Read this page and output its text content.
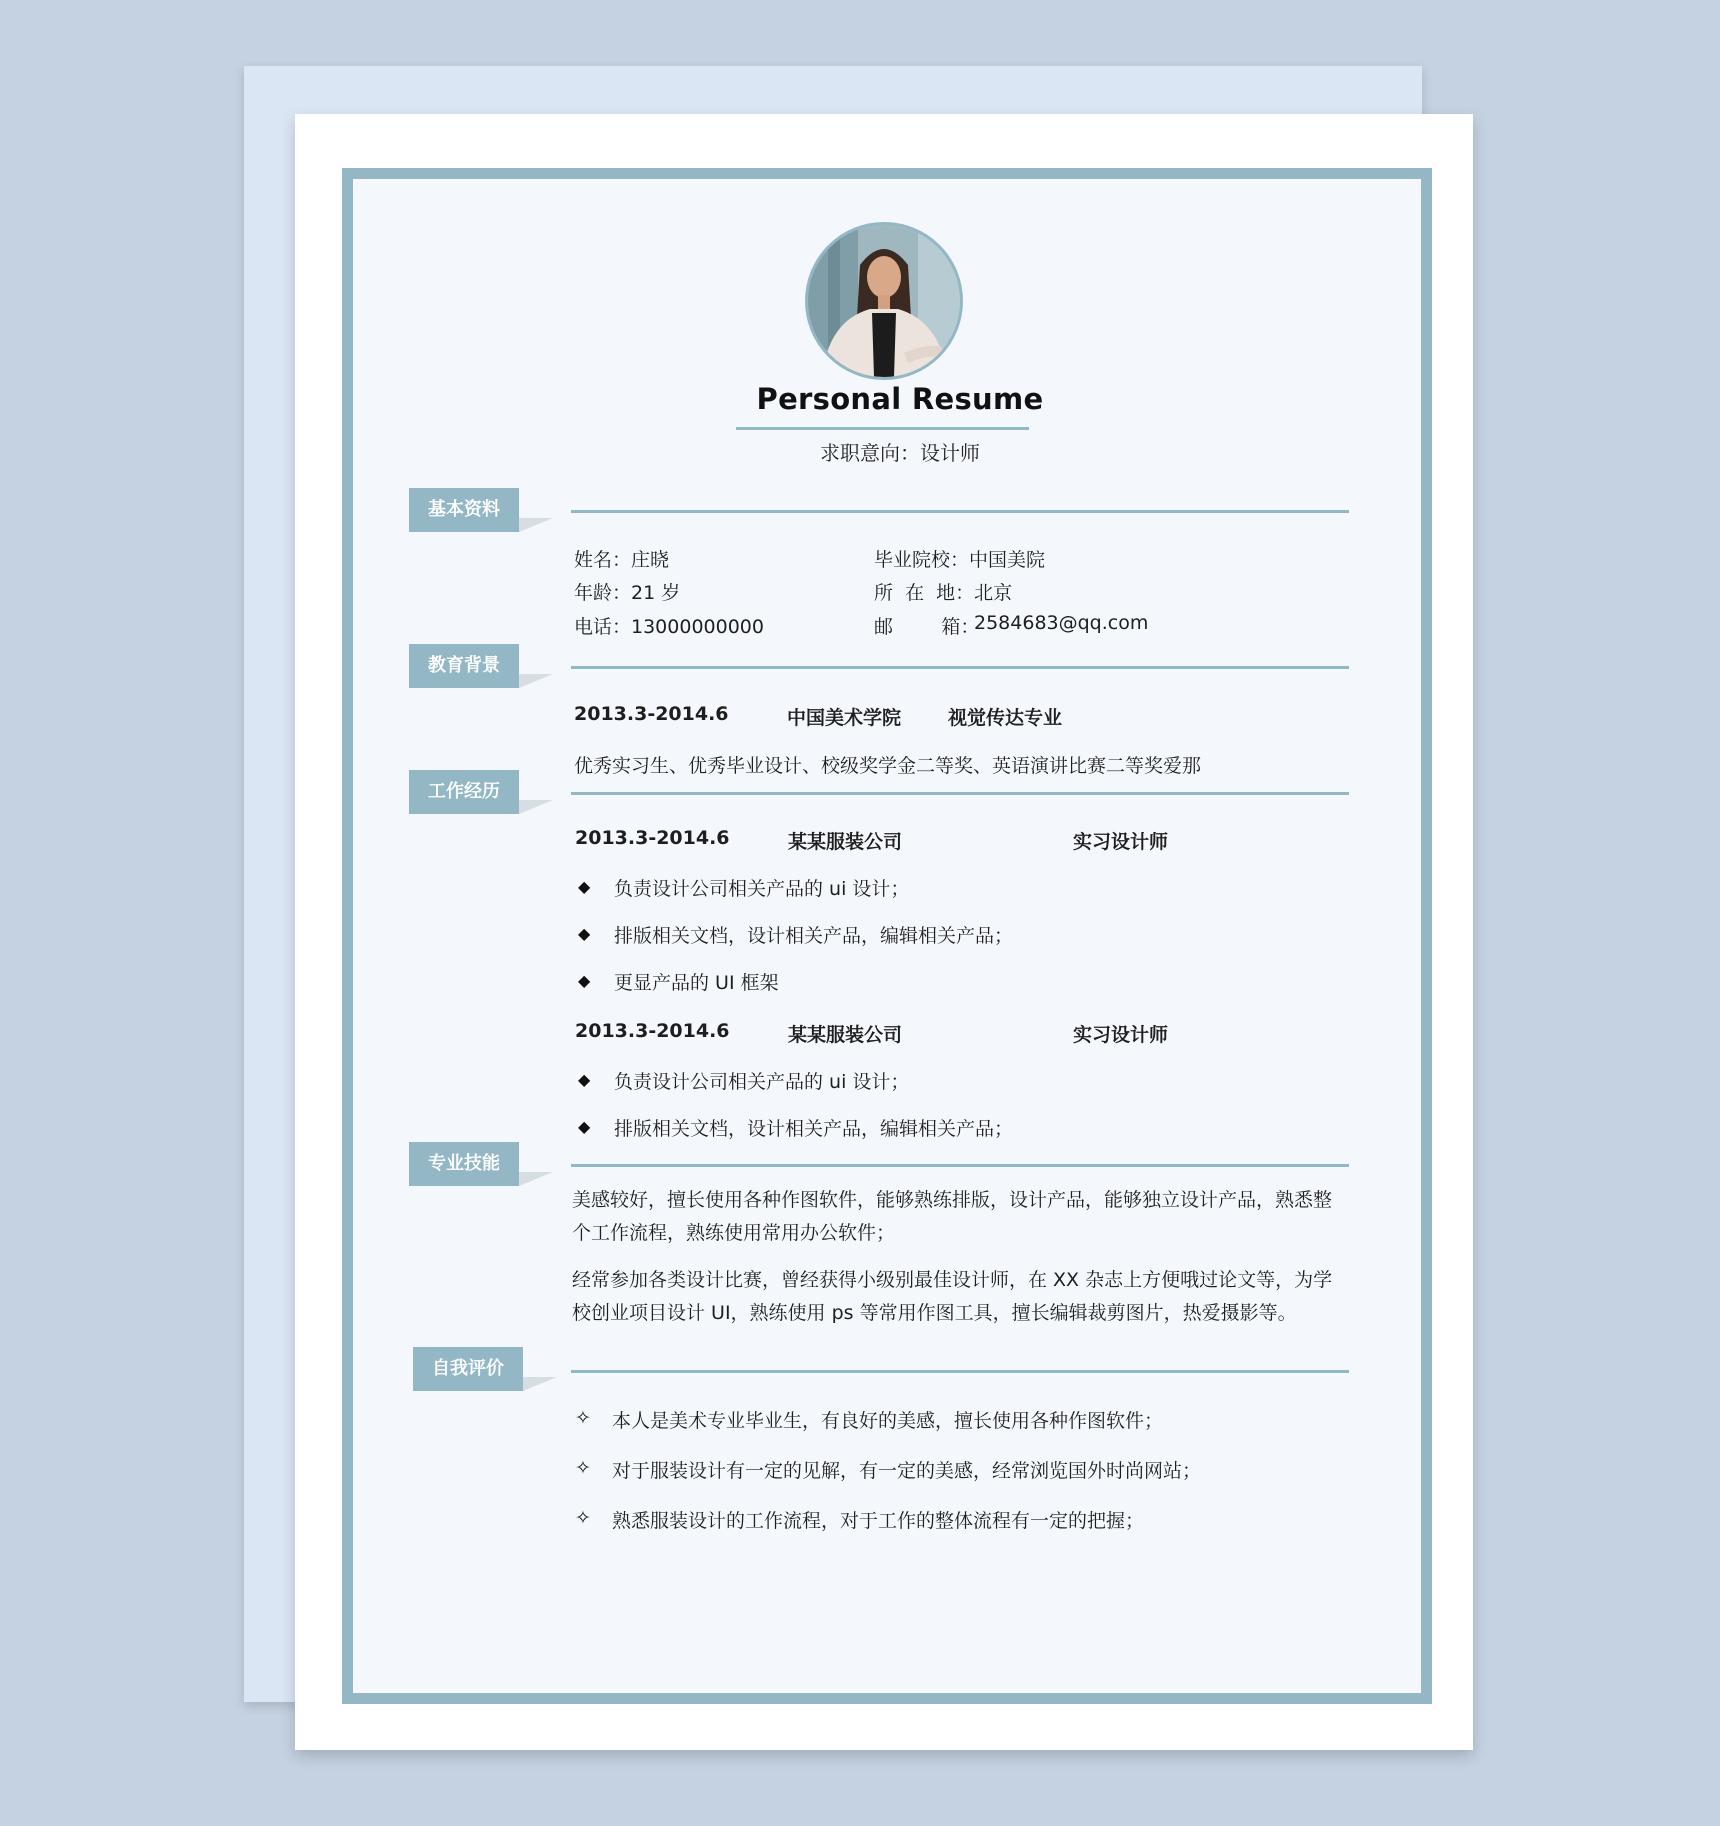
Personal Resume
求职意向：设计师
基本资料
姓名：庄晓
年龄：21 岁
电话：13000000000
毕业院校：中国美院
所  在  地：北京
邮        箱：
2584683@qq.com
教育背景
2013.3-2014.6	中国美术学院 视觉传达专业
优秀实习生、优秀毕业设计、校级奖学金二等奖、英语演讲比赛二等奖爱那
工作经历
2013.3-2014.6	某某服装公司	实习设计师
◆ 负责设计公司相关产品的 ui 设计；
◆ 排版相关文档，设计相关产品，编辑相关产品；
◆ 更显产品的 UI 框架
2013.3-2014.6	某某服装公司	实习设计师
◆ 负责设计公司相关产品的 ui 设计；
◆ 排版相关文档，设计相关产品，编辑相关产品；
专业技能
美感较好，擅长使用各种作图软件，能够熟练排版，设计产品，能够独立设计产品，熟悉整个工作流程，熟练使用常用办公软件；
经常参加各类设计比赛，曾经获得小级别最佳设计师，在 XX 杂志上方便哦过论文等，为学校创业项目设计 UI，熟练使用 ps 等常用作图工具，擅长编辑裁剪图片，热爱摄影等。
自我评价
✧ 本人是美术专业毕业生，有良好的美感，擅长使用各种作图软件；
✧ 对于服装设计有一定的见解，有一定的美感，经常浏览国外时尚网站；
✧ 熟悉服装设计的工作流程，对于工作的整体流程有一定的把握；
